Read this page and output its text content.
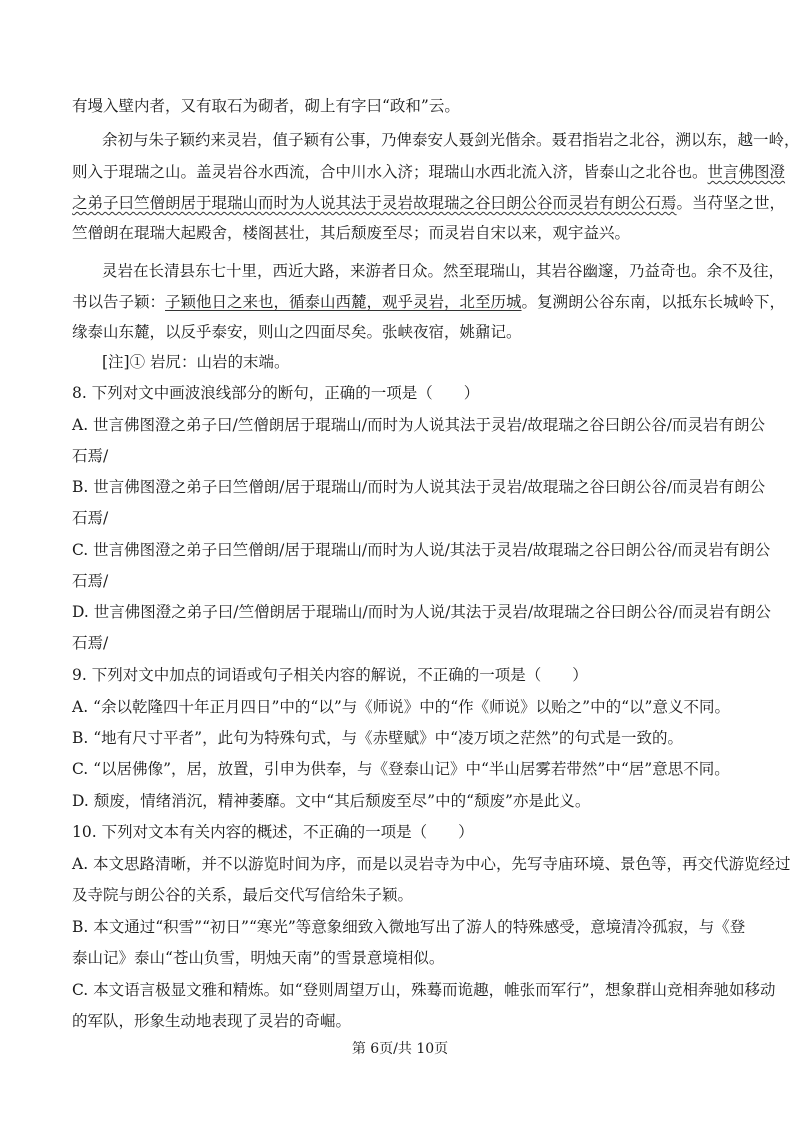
有墁入壁内者，又有取石为砌者，砌上有字曰“政和”云。
余初与朱子颖约来灵岩，值子颖有公事，乃俾泰安人聂剑光偕余。聂君指岩之北谷，溯以东，越一岭，
则入于琨瑞之山。盖灵岩谷水西流，合中川水入济；琨瑞山水西北流入济，皆泰山之北谷也。世言佛图澄
之弟子曰竺僧朗居于琨瑞山而时为人说其法于灵岩故琨瑞之谷曰朗公谷而灵岩有朗公石焉。当苻坚之世，
竺僧朗在琨瑞大起殿舍，楼阁甚壮，其后颓废至尽；而灵岩自宋以来，观宇益兴。
灵岩在长清县东七十里，西近大路，来游者日众。然至琨瑞山，其岩谷幽邃，乃益奇也。余不及往，
书以告子颖：子颖他日之来也，循泰山西麓，观乎灵岩，北至历城。复溯朗公谷东南，以抵东长城岭下，
缘泰山东麓，以反乎泰安，则山之四面尽矣。张峡夜宿，姚鼐记。
[注]① 岩凥：山岩的末端。
8. 下列对文中画波浪线部分的断句，正确的一项是（　　）
A. 世言佛图澄之弟子曰/竺僧朗居于琨瑞山/而时为人说其法于灵岩/故琨瑞之谷曰朗公谷/而灵岩有朗公
石焉/
B. 世言佛图澄之弟子曰竺僧朗/居于琨瑞山/而时为人说其法于灵岩/故琨瑞之谷曰朗公谷/而灵岩有朗公
石焉/
C. 世言佛图澄之弟子曰竺僧朗/居于琨瑞山/而时为人说/其法于灵岩/故琨瑞之谷曰朗公谷/而灵岩有朗公
石焉/
D. 世言佛图澄之弟子曰/竺僧朗居于琨瑞山/而时为人说/其法于灵岩/故琨瑞之谷曰朗公谷/而灵岩有朗公
石焉/
9. 下列对文中加点的词语或句子相关内容的解说，不正确的一项是（　　）
A. “余以乾隆四十年正月四日”中的“以”与《师说》中的“作《师说》以贻之”中的“以”意义不同。
B. “地有尺寸平者”，此句为特殊句式，与《赤壁赋》中“凌万顷之茫然”的句式是一致的。
C. “以居佛像”，居，放置，引申为供奉，与《登泰山记》中“半山居雾若带然”中“居”意思不同。
D. 颓废，情绪消沉，精神萎靡。文中“其后颓废至尽”中的“颓废”亦是此义。
10. 下列对文本有关内容的概述，不正确的一项是（　　）
A. 本文思路清晰，并不以游览时间为序，而是以灵岩寺为中心，先写寺庙环境、景色等，再交代游览经过
及寺院与朗公谷的关系，最后交代写信给朱子颖。
B. 本文通过“积雪”“初日”“寒光”等意象细致入微地写出了游人的特殊感受，意境清冷孤寂，与《登
泰山记》泰山“苍山负雪，明烛天南”的雪景意境相似。
C. 本文语言极显文雅和精炼。如“登则周望万山，殊蓦而诡趣，帷张而军行”，想象群山竞相奔驰如移动
的军队，形象生动地表现了灵岩的奇崛。
第 6页/共 10页
